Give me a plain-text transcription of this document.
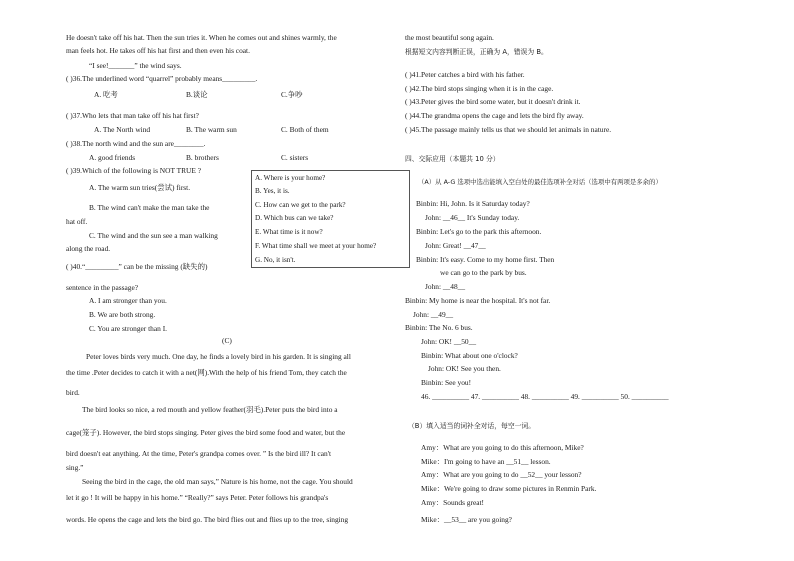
He doesn't take off his hat. Then the sun tries it. When he comes out and shines warmly, the
man feels hot. He takes off his hat first and then even his coat.
“I see!_______” the wind says.
( )36.The underlined word “quarrel” probably means_________.
A. 吃考	B.谈论	C.争吵
( )37.Who lets that man take off his hat first?
A. The North wind	B. The warm sun	C. Both of them
( )38.The north wind and the sun are________.
A. good friends	B. brothers	C. sisters
( )39.Which of the following is NOT TRUE ?
A. The warm sun tries(尝试) first.
B. The wind can't make the man take the
hat off.
C. The wind and the sun see a man walking
along the road.
( )40.“_________” can be the missing (缺失的)
sentence in the passage?
A. I am stronger than you.
B. We are both strong.
C. You are stronger than I.
(C)
Peter loves birds very much. One day, he finds a lovely bird in his garden. It is singing all
the time .Peter decides to catch it with a net(网).With the help of his friend Tom, they catch the
bird.
The bird looks so nice, a red mouth and yellow feather(羽毛).Peter puts the bird into a
cage(笼子). However, the bird stops singing. Peter gives the bird some food and water, but the
bird doesn't eat anything. At the time, Peter's grandpa comes over. ” Is the bird ill? It can't
sing.”
Seeing the bird in the cage, the old man says,” Nature is his home, not the cage. You should
let it go ! It will be happy in his home.” “Really?” says Peter. Peter follows his grandpa's
words. He opens the cage and lets the bird go. The bird flies out and flies up to the tree, singing
A. Where is your home?
B. Yes, it is.
C. How can we get to the park?
D. Which bus can we take?
E. What time is it now?
F. What time shall we meet at your home?
G. No, it isn't.
the most beautiful song again.
根据短文内容判断正误，正确为 A，错误为 B。
( )41.Peter catches a bird with his father.
( )42.The bird stops singing when it is in the cage.
( )43.Peter gives the bird some water, but it doesn't drink it.
( )44.The grandma opens the cage and lets the bird fly away.
( )45.The passage mainly tells us that we should let animals in nature.
四、交际应用（本题共 10 分）
（A）从 A-G 选项中选出能填入空白处的最佳选项补全对话（选项中有两项是多余的）
Binbin: Hi, John. Is it Saturday today?
John: __46__ It's Sunday today.
Binbin: Let's go to the park this afternoon.
John: Great! __47__
Binbin: It's easy. Come to my home first. Then
we can go to the park by bus.
John: __48__
Binbin: My home is near the hospital. It's not far.
John: __49__
Binbin: The No. 6 bus.
John: OK! __50__
Binbin: What about one o'clock?
John: OK! See you then.
Binbin: See you!
46. __________ 47. __________ 48. __________ 49. __________ 50. __________
（B）填入适当的词补全对话，每空一词。
Amy：What are you going to do this afternoon, Mike?
Mike：I'm going to have an __51__ lesson.
Amy：What are you going to do __52__ your lesson?
Mike：We're going to draw some pictures in Renmin Park.
Amy：Sounds great!
Mike：__53__ are you going?
